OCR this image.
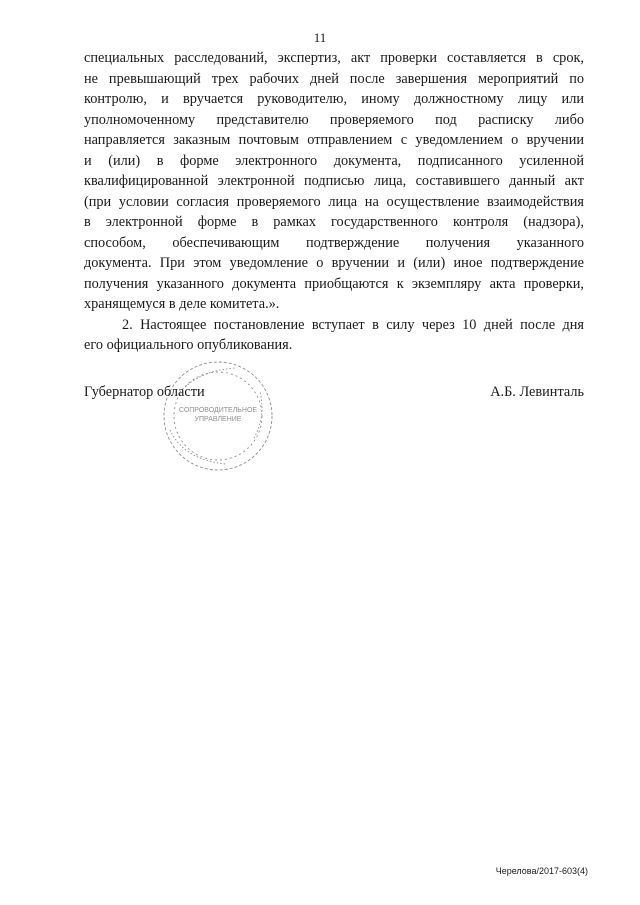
11
специальных расследований, экспертиз, акт проверки составляется в срок,
не превышающий трех рабочих дней после завершения мероприятий по
контролю, и вручается руководителю, иному должностному лицу или
уполномоченному представителю проверяемого под расписку либо
направляется заказным почтовым отправлением с уведомлением о вручении
и (или) в форме электронного документа, подписанного усиленной
квалифицированной электронной подписью лица, составившего данный акт
(при условии согласия проверяемого лица на осуществление взаимодействия
в электронной форме в рамках государственного контроля (надзора),
способом, обеспечивающим подтверждение получения указанного
документа. При этом уведомление о вручении и (или) иное подтверждение
получения указанного документа приобщаются к экземпляру акта проверки,
хранящемуся в деле комитета.».
2. Настоящее постановление вступает в силу через 10 дней после дня
его официального опубликования.
СОПРОВОДИТЕЛЬНОЕ
УПРАВЛЕНИЕ
Губернатор области	А.Б. Левинталь
Черелова/2017-603(4)
